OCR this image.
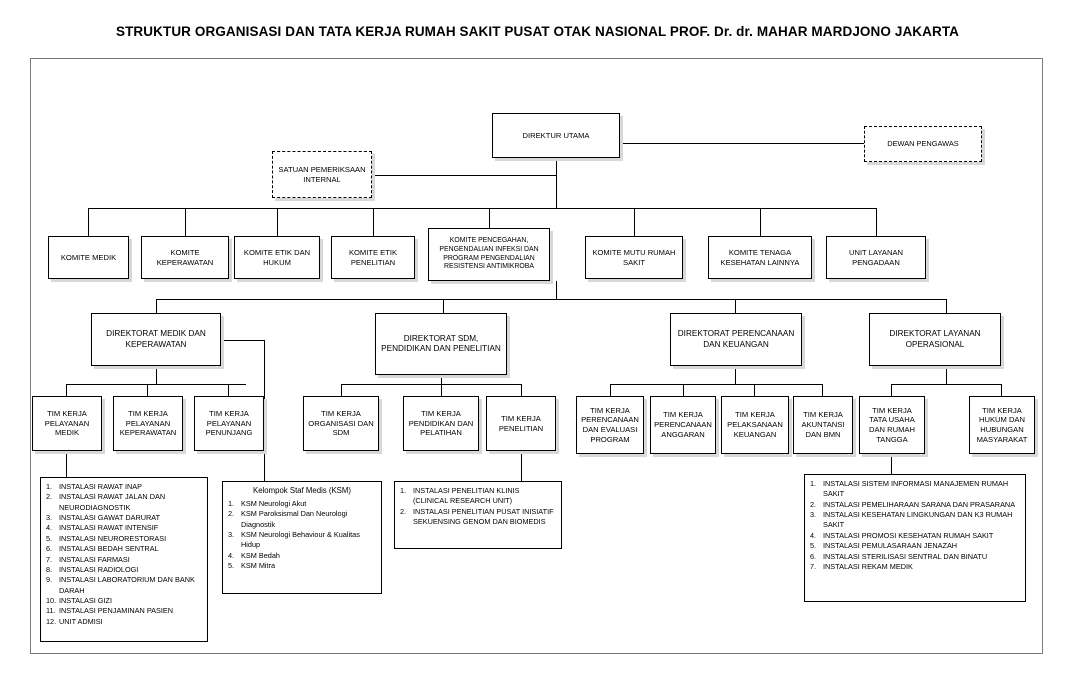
STRUKTUR ORGANISASI DAN TATA KERJA RUMAH SAKIT PUSAT OTAK NASIONAL PROF. Dr. dr. MAHAR MARDJONO JAKARTA
DIREKTUR UTAMA
DEWAN PENGAWAS
SATUAN PEMERIKSAAN INTERNAL
KOMITE MEDIK
KOMITE KEPERAWATAN
KOMITE ETIK DAN HUKUM
KOMITE ETIK PENELITIAN
KOMITE PENCEGAHAN, PENGENDALIAN INFEKSI DAN PROGRAM PENGENDALIAN RESISTENSI ANTIMIKROBA
KOMITE MUTU RUMAH SAKIT
KOMITE TENAGA KESEHATAN LAINNYA
UNIT LAYANAN PENGADAAN
DIREKTORAT MEDIK DAN KEPERAWATAN
DIREKTORAT SDM, PENDIDIKAN DAN PENELITIAN
DIREKTORAT PERENCANAAN DAN KEUANGAN
DIREKTORAT LAYANAN OPERASIONAL
TIM KERJA PELAYANAN MEDIK
TIM KERJA PELAYANAN KEPERAWATAN
TIM KERJA PELAYANAN PENUNJANG
TIM KERJA ORGANISASI DAN SDM
TIM KERJA PENDIDIKAN DAN PELATIHAN
TIM KERJA PENELITIAN
TIM KERJA PERENCANAAN DAN EVALUASI PROGRAM
TIM KERJA PERENCANAAN ANGGARAN
TIM KERJA PELAKSANAAN KEUANGAN
TIM KERJA AKUNTANSI DAN BMN
TIM KERJA TATA USAHA DAN RUMAH TANGGA
TIM KERJA HUKUM DAN HUBUNGAN MASYARAKAT
1. INSTALASI RAWAT INAP
2. INSTALASI RAWAT JALAN DAN NEURODIAGNOSTIK
3. INSTALASI GAWAT DARURAT
4. INSTALASI RAWAT INTENSIF
5. INSTALASI NEURORESTORASI
6. INSTALASI BEDAH SENTRAL
7. INSTALASI FARMASI
8. INSTALASI RADIOLOGI
9. INSTALASI LABORATORIUM DAN BANK DARAH
10. INSTALASI GIZI
11. INSTALASI PENJAMINAN PASIEN
12. UNIT ADMISI
Kelompok Staf Medis (KSM)
1. KSM Neurologi Akut
2. KSM Paroksismal Dan Neurologi Diagnostik
3. KSM Neurologi Behaviour & Kualitas Hidup
4. KSM Bedah
5. KSM Mitra
1. INSTALASI PENELITIAN KLINIS (CLINICAL RESEARCH UNIT)
2. INSTALASI PENELITIAN PUSAT INISIATIF SEKUENSING GENOM DAN BIOMEDIS
1. INSTALASI SISTEM INFORMASI MANAJEMEN RUMAH SAKIT
2. INSTALASI PEMELIHARAAN SARANA DAN PRASARANA
3. INSTALASI KESEHATAN LINGKUNGAN DAN K3 RUMAH SAKIT
4. INSTALASI PROMOSI KESEHATAN RUMAH SAKIT
5. INSTALASI PEMULASARAAN JENAZAH
6. INSTALASI STERILISASI SENTRAL DAN BINATU
7. INSTALASI REKAM MEDIK
